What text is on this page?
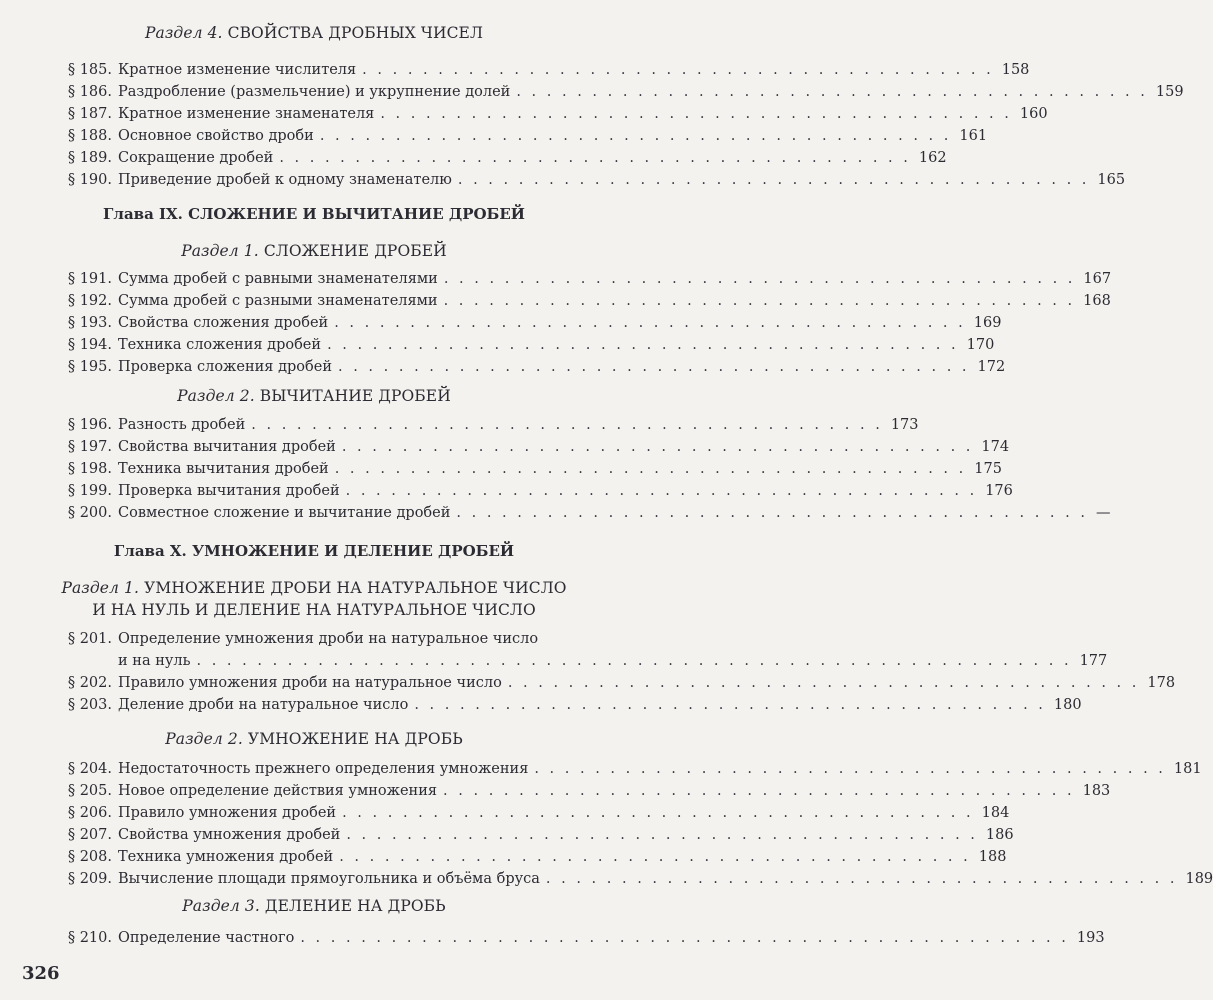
Раздел 4. СВОЙСТВА ДРОБНЫХ ЧИСЕЛ
§ 185. Кратное изменение числителя . . . . . . . . . . . . . . . . . . . . . . . . . . . . . . . . . . . . . . . . . . 158
§ 186. Раздробление (размельчение) и укрупнение долей . . . . . . . . . . . . . . . . . . . . . . . . . . . . . . . . . . . . . . . . . . 159
§ 187. Кратное изменение знаменателя . . . . . . . . . . . . . . . . . . . . . . . . . . . . . . . . . . . . . . . . . . 160
§ 188. Основное свойство дроби . . . . . . . . . . . . . . . . . . . . . . . . . . . . . . . . . . . . . . . . . . 161
§ 189. Сокращение дробей . . . . . . . . . . . . . . . . . . . . . . . . . . . . . . . . . . . . . . . . . . 162
§ 190. Приведение дробей к одному знаменателю . . . . . . . . . . . . . . . . . . . . . . . . . . . . . . . . . . . . . . . . . . 165
Глава IX. СЛОЖЕНИЕ И ВЫЧИТАНИЕ ДРОБЕЙ
Раздел 1. СЛОЖЕНИЕ ДРОБЕЙ
§ 191. Сумма дробей с равными знаменателями . . . . . . . . . . . . . . . . . . . . . . . . . . . . . . . . . . . . . . . . . . 167
§ 192. Сумма дробей с разными знаменателями . . . . . . . . . . . . . . . . . . . . . . . . . . . . . . . . . . . . . . . . . . 168
§ 193. Свойства сложения дробей . . . . . . . . . . . . . . . . . . . . . . . . . . . . . . . . . . . . . . . . . . 169
§ 194. Техника сложения дробей . . . . . . . . . . . . . . . . . . . . . . . . . . . . . . . . . . . . . . . . . . 170
§ 195. Проверка сложения дробей . . . . . . . . . . . . . . . . . . . . . . . . . . . . . . . . . . . . . . . . . . 172
Раздел 2. ВЫЧИТАНИЕ ДРОБЕЙ
§ 196. Разность дробей . . . . . . . . . . . . . . . . . . . . . . . . . . . . . . . . . . . . . . . . . . 173
§ 197. Свойства вычитания дробей . . . . . . . . . . . . . . . . . . . . . . . . . . . . . . . . . . . . . . . . . . 174
§ 198. Техника вычитания дробей . . . . . . . . . . . . . . . . . . . . . . . . . . . . . . . . . . . . . . . . . . 175
§ 199. Проверка вычитания дробей . . . . . . . . . . . . . . . . . . . . . . . . . . . . . . . . . . . . . . . . . . 176
§ 200. Совместное сложение и вычитание дробей . . . . . . . . . . . . . . . . . . . . . . . . . . . . . . . . . . . . . . . . . . —
Глава X. УМНОЖЕНИЕ И ДЕЛЕНИЕ ДРОБЕЙ
Раздел 1. УМНОЖЕНИЕ ДРОБИ НА НАТУРАЛЬНОЕ ЧИСЛО
И НА НУЛЬ И ДЕЛЕНИЕ НА НАТУРАЛЬНОЕ ЧИСЛО
§ 201. Определение умножения дроби на натуральное число
и на нуль . . . . . . . . . . . . . . . . . . . . . . . . . . . . . . . . . . . . . . . . . . . . . . . . . . . . . . . . . . 177
§ 202. Правило умножения дроби на натуральное число . . . . . . . . . . . . . . . . . . . . . . . . . . . . . . . . . . . . . . . . . . 178
§ 203. Деление дроби на натуральное число . . . . . . . . . . . . . . . . . . . . . . . . . . . . . . . . . . . . . . . . . . 180
Раздел 2. УМНОЖЕНИЕ НА ДРОБЬ
§ 204. Недостаточность прежнего определения умножения . . . . . . . . . . . . . . . . . . . . . . . . . . . . . . . . . . . . . . . . . . 181
§ 205. Новое определение действия умножения . . . . . . . . . . . . . . . . . . . . . . . . . . . . . . . . . . . . . . . . . . 183
§ 206. Правило умножения дробей . . . . . . . . . . . . . . . . . . . . . . . . . . . . . . . . . . . . . . . . . . 184
§ 207. Свойства умножения дробей . . . . . . . . . . . . . . . . . . . . . . . . . . . . . . . . . . . . . . . . . . 186
§ 208. Техника умножения дробей . . . . . . . . . . . . . . . . . . . . . . . . . . . . . . . . . . . . . . . . . . 188
§ 209. Вычисление площади прямоугольника и объёма бруса . . . . . . . . . . . . . . . . . . . . . . . . . . . . . . . . . . . . . . . . . . 189
Раздел 3. ДЕЛЕНИЕ НА ДРОБЬ
§ 210. Определение частного . . . . . . . . . . . . . . . . . . . . . . . . . . . . . . . . . . . . . . . . . . . . . . . . . . . 193
326
